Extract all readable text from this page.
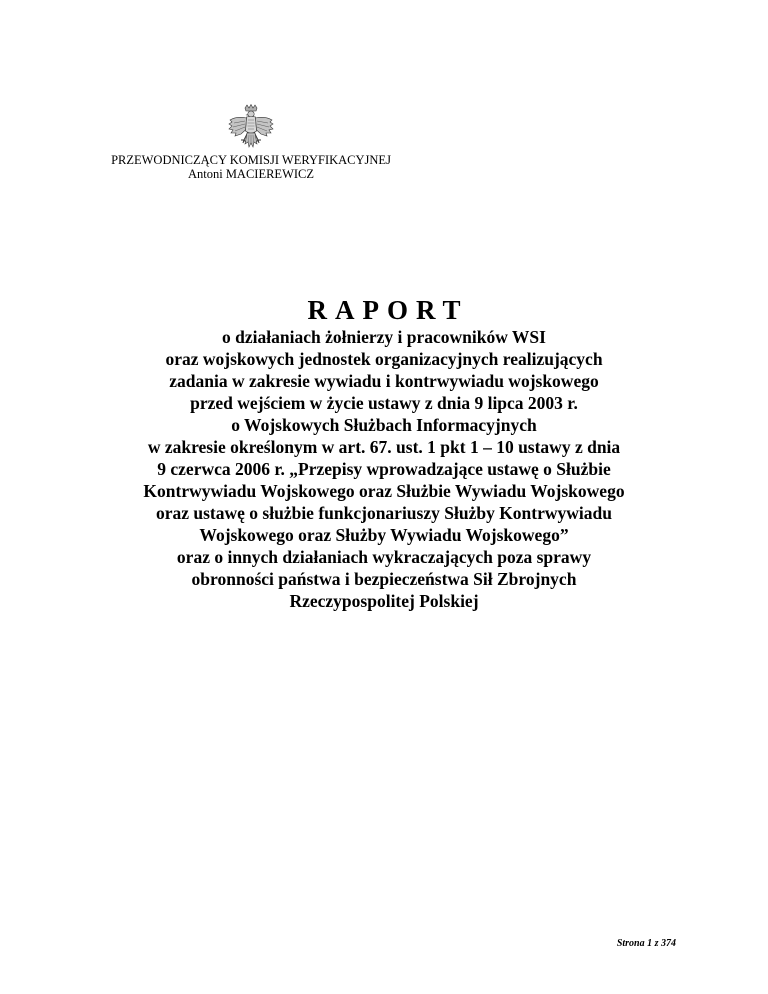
PRZEWODNICZĄCY KOMISJI WERYFIKACYJNEJ
Antoni MACIEREWICZ
RAPORT
o działaniach żołnierzy i pracowników WSI
oraz wojskowych jednostek organizacyjnych realizujących
zadania w zakresie wywiadu i kontrwywiadu wojskowego
przed wejściem w życie ustawy z dnia 9 lipca 2003 r.
o Wojskowych Służbach Informacyjnych
w zakresie określonym w art. 67. ust. 1 pkt 1 – 10 ustawy z dnia
9 czerwca 2006 r. „Przepisy wprowadzające ustawę o Służbie
Kontrwywiadu Wojskowego oraz Służbie Wywiadu Wojskowego
oraz ustawę o służbie funkcjonariuszy Służby Kontrwywiadu
Wojskowego oraz Służby Wywiadu Wojskowego”
oraz o innych działaniach wykraczających poza sprawy
obronności państwa i bezpieczeństwa Sił Zbrojnych
Rzeczypospolitej Polskiej
Strona 1 z 374
